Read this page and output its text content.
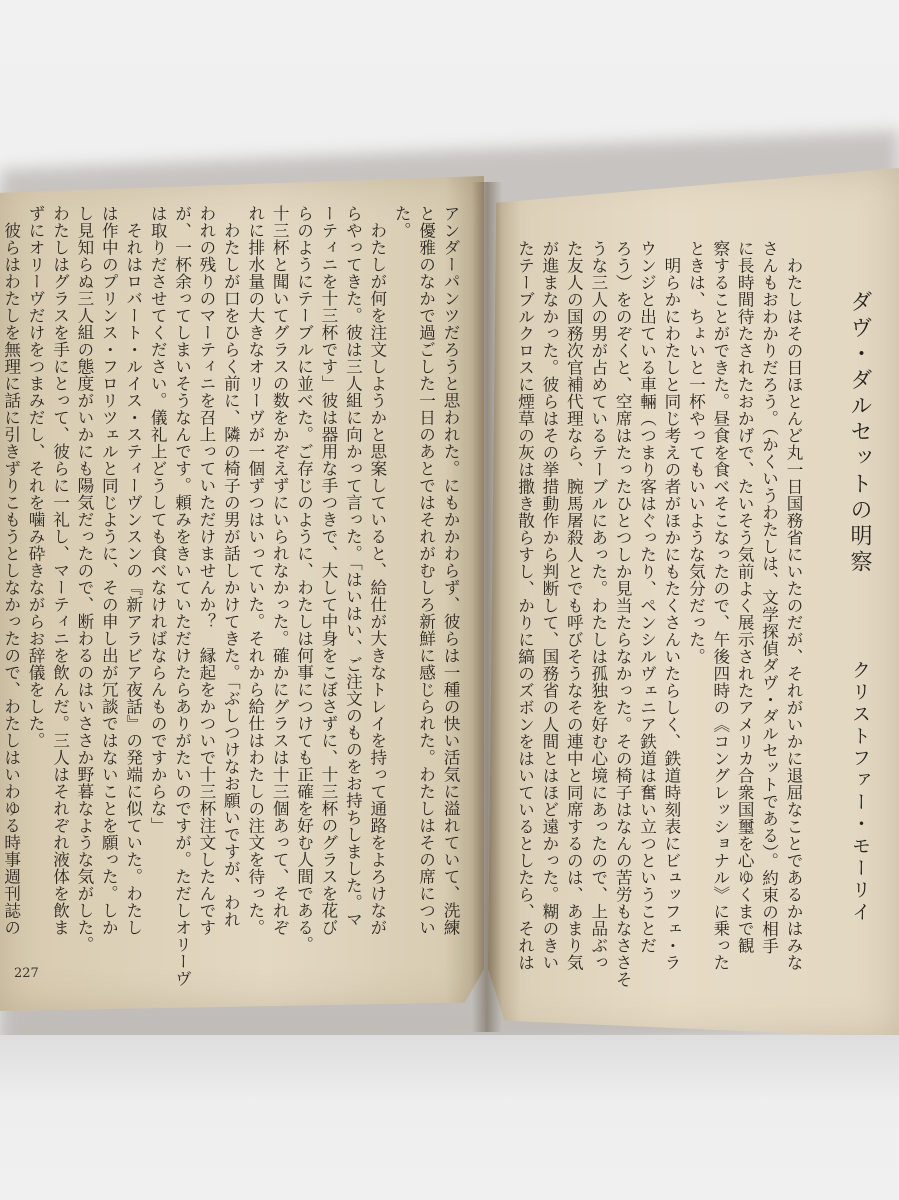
アンダーパンツだろうと思われた。にもかかわらず、彼らは一種の快い活気に溢れていて、洗練
と優雅のなかで過ごした一日のあとではそれがむしろ新鮮に感じられた。わたしはその席につい
た。
　わたしが何を注文しようかと思案していると、給仕が大きなトレイを持って通路をよろけなが
らやってきた。彼は三人組に向かって言った。「はいはい、ご注文のものをお持ちしました。マ
ーティニを十三杯です」彼は器用な手つきで、大して中身をこぼさずに、十三杯のグラスを花び
らのようにテーブルに並べた。ご存じのように、わたしは何事につけても正確を好む人間である。
十三杯と聞いてグラスの数をかぞえずにいられなかった。確かにグラスは十三個あって、それぞ
れに排水量の大きなオリーヴが一個ずつはいっていた。それから給仕はわたしの注文を待った。
　わたしが口をひらく前に、隣の椅子の男が話しかけてきた。「ぶしつけなお願いですが、われ
われの残りのマーティニを召上っていただけませんか？　縁起をかついで十三杯注文したんです
が、一杯余ってしまいそうなんです。頼みをきいていただけたらありがたいのですが。ただしオリーヴ
は取りださせてください。儀礼上どうしても食べなければならんものですからな」
　それはロバート・ルイス・スティーヴンスンの『新アラビア夜話』の発端に似ていた。わたし
は作中のプリンス・フロリツェルと同じように、その申し出が冗談ではないことを願った。しか
し見知らぬ三人組の態度がいかにも陽気だったので、断わるのはいささか野暮なような気がした。
わたしはグラスを手にとって、彼らに一礼し、マーティニを飲んだ。三人はそれぞれ液体を飲ま
ずにオリーヴだけをつまみだし、それを噛み砕きながらお辞儀をした。
　彼らはわたしを無理に話に引きずりこもうとしなかったので、わたしはいわゆる時事週刊誌の
227
　わたしはその日ほとんど丸一日国務省にいたのだが、それがいかに退屈なことであるかはみな
さんもおわかりだろう。（かくいうわたしは、文学探偵ダヴ・ダルセットである）。約束の相手
に長時間待たされたおかげで、たいそう気前よく展示されたアメリカ合衆国璽を心ゆくまで観
察することができた。昼食を食べそこなったので、午後四時の《コングレッショナル》に乗った
ときは、ちょいと一杯やってもいいような気分だった。
　明らかにわたしと同じ考えの者がほかにもたくさんいたらしく、鉄道時刻表にビュッフェ・ラ
ウンジと出ている車輛（つまり客はぐったり、ペンシルヴェニア鉄道は奮い立つということだ
ろう）をのぞくと、空席はたったひとつしか見当たらなかった。その椅子はなんの苦労もなささそ
うな三人の男が占めているテーブルにあった。わたしは孤独を好む心境にあったので、上品ぶっ
た友人の国務次官補代理なら、腕馬屠殺人とでも呼びそうなその連中と同席するのは、あまり気
が進まなかった。彼らはその挙措動作から判断して、国務省の人間とはほど遠かった。糊のきい
たテーブルクロスに煙草の灰は撒き散らすし、かりに縞のズボンをはいているとしたら、それは	ダヴ・ダルセットの明察
クリストファー・モーリイ
